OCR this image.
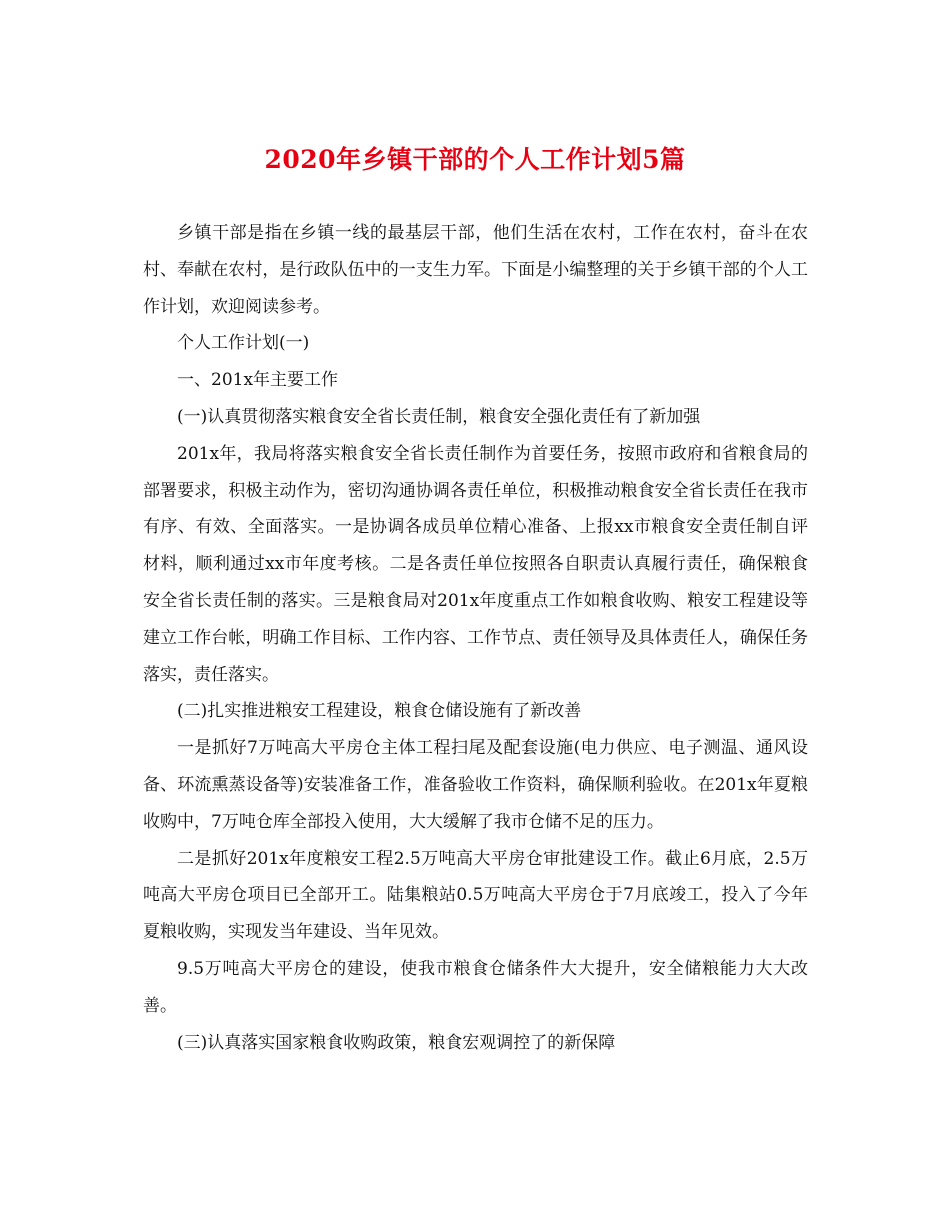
2020年乡镇干部的个人工作计划5篇

乡镇干部是指在乡镇一线的最基层干部，他们生活在农村，工作在农村，奋斗在农村、奉献在农村，是行政队伍中的一支生力军。下面是小编整理的关于乡镇干部的个人工作计划，欢迎阅读参考。

个人工作计划(一)

一、201x年主要工作

(一)认真贯彻落实粮食安全省长责任制，粮食安全强化责任有了新加强

201x年，我局将落实粮食安全省长责任制作为首要任务，按照市政府和省粮食局的部署要求，积极主动作为，密切沟通协调各责任单位，积极推动粮食安全省长责任在我市有序、有效、全面落实。一是协调各成员单位精心准备、上报xx市粮食安全责任制自评材料，顺利通过xx市年度考核。二是各责任单位按照各自职责认真履行责任，确保粮食安全省长责任制的落实。三是粮食局对201x年度重点工作如粮食收购、粮安工程建设等建立工作台帐，明确工作目标、工作内容、工作节点、责任领导及具体责任人，确保任务落实，责任落实。

(二)扎实推进粮安工程建设，粮食仓储设施有了新改善

一是抓好7万吨高大平房仓主体工程扫尾及配套设施(电力供应、电子测温、通风设备、环流熏蒸设备等)安装准备工作，准备验收工作资料，确保顺利验收。在201x年夏粮收购中，7万吨仓库全部投入使用，大大缓解了我市仓储不足的压力。

二是抓好201x年度粮安工程2.5万吨高大平房仓审批建设工作。截止6月底，2.5万吨高大平房仓项目已全部开工。陆集粮站0.5万吨高大平房仓于7月底竣工，投入了今年夏粮收购，实现发当年建设、当年见效。

9.5万吨高大平房仓的建设，使我市粮食仓储条件大大提升，安全储粮能力大大改善。

(三)认真落实国家粮食收购政策，粮食宏观调控了的新保障
